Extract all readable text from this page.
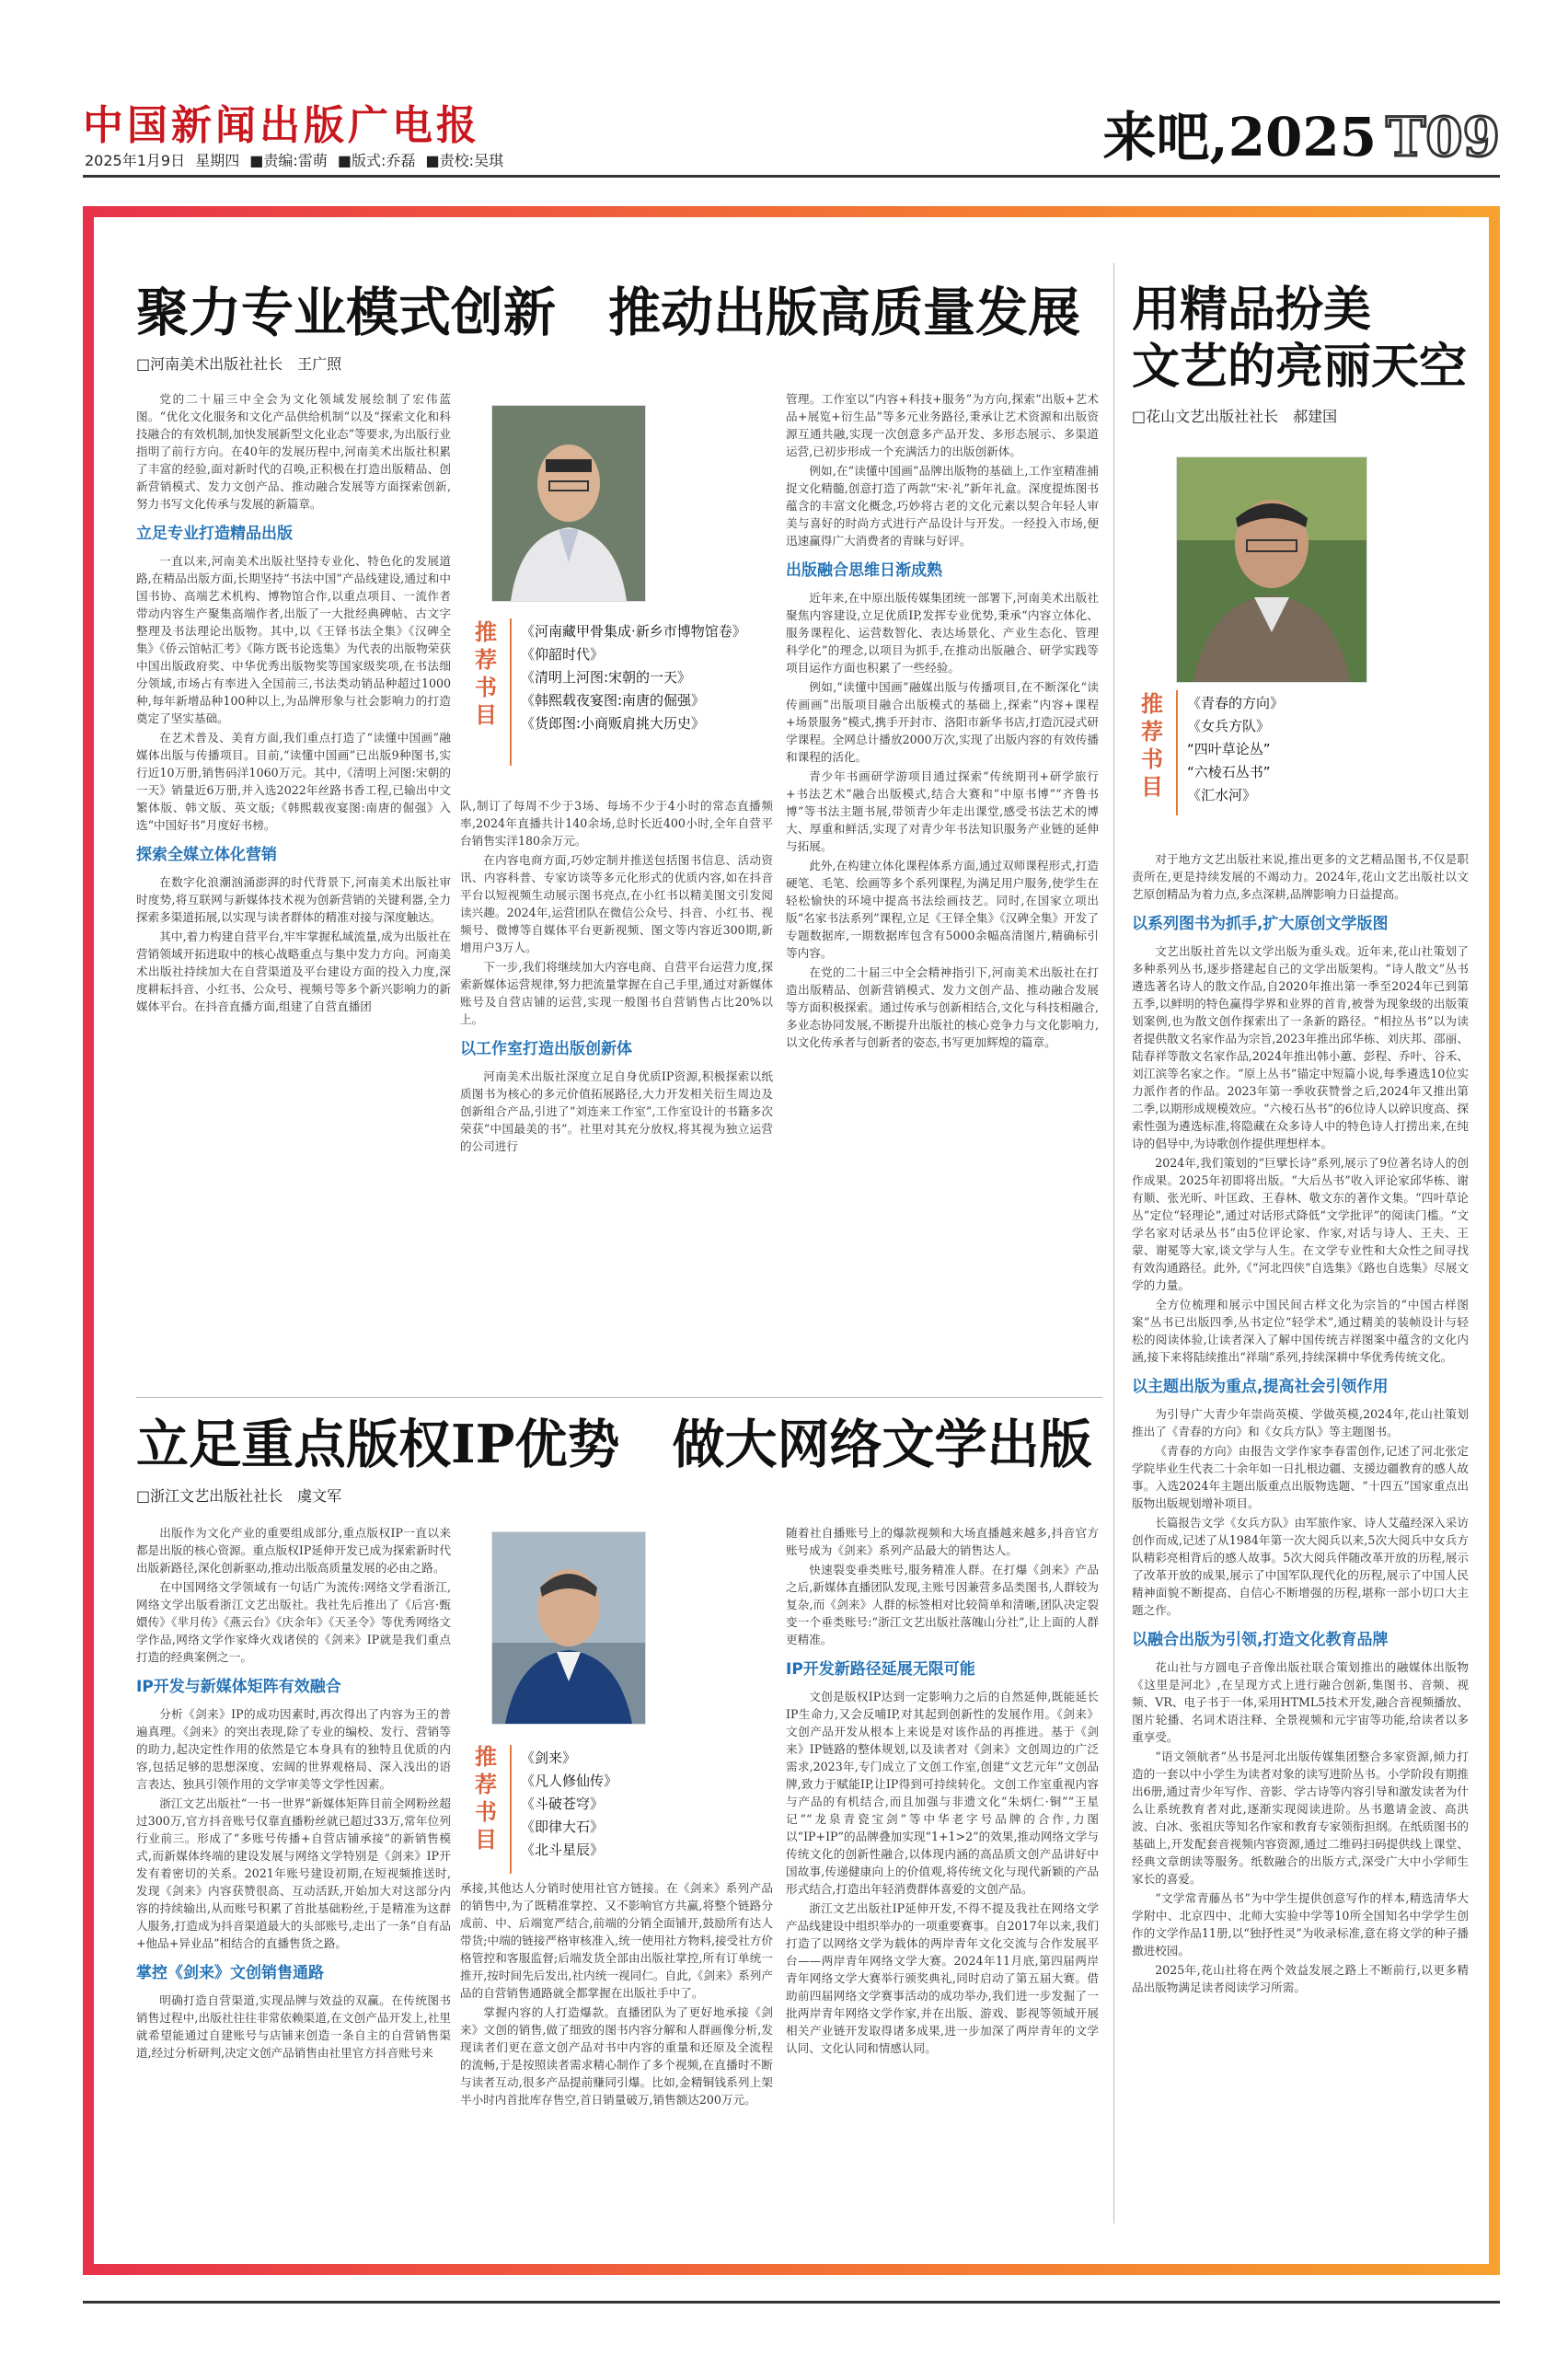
中国新闻出版广电报
2025年1月9日 星期四 ■责编:雷萌 ■版式:乔磊 ■责校:吴琪	来吧,2025 T09
聚力专业模式创新　推动出版高质量发展
□河南美术出版社社长　王广照

党的二十届三中全会为文化领域发展绘制了宏伟蓝图。“优化文化服务和文化产品供给机制”以及“探索文化和科技融合的有效机制,加快发展新型文化业态”等要求,为出版行业指明了前行方向。在40年的发展历程中,河南美术出版社积累了丰富的经验,面对新时代的召唤,正积极在打造出版精品、创新营销模式、发力文创产品、推动融合发展等方面探索创新,努力书写文化传承与发展的新篇章。

立足专业打造精品出版

一直以来,河南美术出版社坚持专业化、特色化的发展道路,在精品出版方面,长期坚持“书法中国”产品线建设,通过和中国书协、高端艺术机构、博物馆合作,以重点项目、一流作者带动内容生产聚集高端作者,出版了一大批经典碑帖、古文字整理及书法理论出版物。其中,以《王铎书法全集》《汉碑全集》《侨云馆帖汇考》《陈方既书论选集》为代表的出版物荣获中国出版政府奖、中华优秀出版物奖等国家级奖项,在书法细分领域,市场占有率进入全国前三,书法类动销品种超过1000种,每年新增品种100种以上,为品牌形象与社会影响力的打造奠定了坚实基础。

在艺术普及、美育方面,我们重点打造了“读懂中国画”融媒体出版与传播项目。目前,“读懂中国画”已出版9种图书,实行近10万册,销售码洋1060万元。其中,《清明上河图:宋朝的一天》销量近6万册,并入选2022年丝路书香工程,已输出中文繁体版、韩文版、英文版;《韩熙载夜宴图:南唐的倔强》入选“中国好书”月度好书榜。

探索全媒立体化营销

在数字化浪潮汹涌澎湃的时代背景下,河南美术出版社审时度势,将互联网与新媒体技术视为创新营销的关键利器,全力探索多渠道拓展,以实现与读者群体的精准对接与深度触达。

其中,着力构建自营平台,牢牢掌握私域流量,成为出版社在营销领域开拓进取中的核心战略重点与集中发力方向。河南美术出版社持续加大在自营渠道及平台建设方面的投入力度,深度耕耘抖音、小红书、公众号、视频号等多个新兴影响力的新媒体平台。在抖音直播方面,组建了自营直播团

推
荐
书
目
《河南藏甲骨集成·新乡市博物馆卷》
《仰韶时代》
《清明上河图:宋朝的一天》
《韩熙载夜宴图:南唐的倔强》
《货郎图:小商贩肩挑大历史》

队,制订了每周不少于3场、每场不少于4小时的常态直播频率,2024年直播共计140余场,总时长近400小时,全年自营平台销售实洋180余万元。

在内容电商方面,巧妙定制并推送包括图书信息、活动资讯、内容科普、专家访谈等多元化形式的优质内容,如在抖音平台以短视频生动展示图书亮点,在小红书以精美图文引发阅读兴趣。2024年,运营团队在微信公众号、抖音、小红书、视频号、微博等自媒体平台更新视频、图文等内容近300期,新增用户3万人。

下一步,我们将继续加大内容电商、自营平台运营力度,探索新媒体运营规律,努力把流量掌握在自己手里,通过对新媒体账号及自营店铺的运营,实现一般图书自营销售占比20%以上。

以工作室打造出版创新体

河南美术出版社深度立足自身优质IP资源,积极探索以纸质图书为核心的多元价值拓展路径,大力开发相关衍生周边及创新组合产品,引进了“刘连来工作室”,工作室设计的书籍多次荣获“中国最美的书”。社里对其充分放权,将其视为独立运营的公司进行

管理。工作室以“内容+科技+服务”为方向,探索“出版+艺术品+展览+衍生品”等多元业务路径,秉承让艺术资源和出版资源互通共融,实现一次创意多产品开发、多形态展示、多渠道运营,已初步形成一个充满活力的出版创新体。

例如,在“读懂中国画”品牌出版物的基础上,工作室精准捕捉文化精髓,创意打造了两款“宋·礼”新年礼盒。深度提炼图书蕴含的丰富文化概念,巧妙将古老的文化元素以契合年轻人审美与喜好的时尚方式进行产品设计与开发。一经投入市场,便迅速赢得广大消费者的青睐与好评。

出版融合思维日渐成熟

近年来,在中原出版传媒集团统一部署下,河南美术出版社聚焦内容建设,立足优质IP,发挥专业优势,秉承“内容立体化、服务课程化、运营数智化、表达场景化、产业生态化、管理科学化”的理念,以项目为抓手,在推动出版融合、研学实践等项目运作方面也积累了一些经验。

例如,“读懂中国画”融媒出版与传播项目,在不断深化“读传画画”出版项目融合出版模式的基础上,探索“内容+课程+场景服务”模式,携手开封市、洛阳市新华书店,打造沉浸式研学课程。全网总计播放2000万次,实现了出版内容的有效传播和课程的活化。

青少年书画研学游项目通过探索“传统期刊+研学旅行+书法艺术”融合出版模式,结合大赛和“中原书博”“齐鲁书博”等书法主题书展,带领青少年走出课堂,感受书法艺术的博大、厚重和鲜活,实现了对青少年书法知识服务产业链的延伸与拓展。

此外,在构建立体化课程体系方面,通过双师课程形式,打造硬笔、毛笔、绘画等多个系列课程,为满足用户服务,使学生在轻松愉快的环境中提高书法绘画技艺。同时,在国家立项出版“名家书法系列”课程,立足《王铎全集》《汉碑全集》开发了专题数据库,一期数据库包含有5000余幅高清图片,精确标引等内容。

在党的二十届三中全会精神指引下,河南美术出版社在打造出版精品、创新营销模式、发力文创产品、推动融合发展等方面积极探索。通过传承与创新相结合,文化与科技相融合,多业态协同发展,不断提升出版社的核心竞争力与文化影响力,以文化传承者与创新者的姿态,书写更加辉煌的篇章。

立足重点版权IP优势　做大网络文学出版
□浙江文艺出版社社长　虞文军

出版作为文化产业的重要组成部分,重点版权IP一直以来都是出版的核心资源。重点版权IP延伸开发已成为探索新时代出版新路径,深化创新驱动,推动出版高质量发展的必由之路。

在中国网络文学领域有一句话广为流传:网络文学看浙江,网络文学出版看浙江文艺出版社。我社先后推出了《后宫·甄嬛传》《芈月传》《燕云台》《庆余年》《天圣令》等优秀网络文学作品,网络文学作家烽火戏诸侯的《剑来》IP就是我们重点打造的经典案例之一。

IP开发与新媒体矩阵有效融合

分析《剑来》IP的成功因素时,再次得出了内容为王的普遍真理。《剑来》的突出表现,除了专业的编校、发行、营销等的助力,起决定性作用的依然是它本身具有的独特且优质的内容,包括足够的思想深度、宏阔的世界观格局、深入浅出的语言表达、独具引领作用的文学审美等文学性因素。

浙江文艺出版社“一书一世界”新媒体矩阵目前全网粉丝超过300万,官方抖音账号仅靠直播粉丝就已超过33万,常年位列行业前三。形成了“多账号传播+自营店铺承接”的新销售模式,而新媒体终端的建设发展与网络文学特别是《剑来》IP开发有着密切的关系。2021年账号建设初期,在短视频推送时,发现《剑来》内容获赞很高、互动活跃,开始加大对这部分内容的持续输出,从而账号积累了首批基础粉丝,于是精准为这群人服务,打造成为抖音渠道最大的头部账号,走出了一条“自有品+他品+异业品”相结合的直播售货之路。

掌控《剑来》文创销售通路

明确打造自营渠道,实现品牌与效益的双赢。在传统图书销售过程中,出版社往往非常依赖渠道,在文创产品开发上,社里就希望能通过自建账号与店铺来创造一条自主的自营销售渠道,经过分析研判,决定文创产品销售由社里官方抖音账号来

推
荐
书
目
《剑来》
《凡人修仙传》
《斗破苍穹》
《即律大石》
《北斗星辰》

承接,其他达人分销时使用社官方链接。在《剑来》系列产品的销售中,为了既精准掌控、又不影响官方共赢,将整个链路分成前、中、后端宽严结合,前端的分销全面铺开,鼓励所有达人带货;中端的链接严格审核准入,统一使用社方物料,接受社方价格管控和客服监督;后端发货全部由出版社掌控,所有订单统一推开,按时间先后发出,社内统一视同仁。自此,《剑来》系列产品的自营销售通路就全都掌握在出版社手中了。

掌握内容的人打造爆款。直播团队为了更好地承接《剑来》文创的销售,做了细致的图书内容分解和人群画像分析,发现读者们更在意文创产品对书中内容的重量和还原及全流程的流畅,于是按照读者需求精心制作了多个视频,在直播时不断与读者互动,很多产品提前赚同引爆。比如,金精铜钱系列上架半小时内首批库存售空,首日销量破万,销售额达200万元。

随着社自播账号上的爆款视频和大场直播越来越多,抖音官方账号成为《剑来》系列产品最大的销售达人。

快速裂变垂类账号,服务精准人群。在打爆《剑来》产品之后,新媒体直播团队发现,主账号因兼营多品类图书,人群较为复杂,而《剑来》人群的标签相对比较简单和清晰,团队决定裂变一个垂类账号:“浙江文艺出版社落魄山分社”,让上面的人群更精准。

IP开发新路径延展无限可能

文创是版权IP达到一定影响力之后的自然延伸,既能延长IP生命力,又会反哺IP,对其起到创新性的发展作用。《剑来》文创产品开发从根本上来说是对该作品的再推进。基于《剑来》IP链路的整体规划,以及读者对《剑来》文创周边的广泛需求,2023年,专门成立了文创工作室,创建“文艺元年”文创品牌,致力于赋能IP,让IP得到可持续转化。文创工作室重视内容与产品的有机结合,而且加强与非遗文化“朱炳仁·铜”“王星记”“龙泉青瓷宝剑”等中华老字号品牌的合作,力图以“IP+IP”的品牌叠加实现“1+1>2”的效果,推动网络文学与传统文化的创新性融合,以体现内涵的高品质文创产品讲好中国故事,传递健康向上的价值观,将传统文化与现代新颖的产品形式结合,打造出年轻消费群体喜爱的文创产品。

浙江文艺出版社IP延伸开发,不得不提及我社在网络文学产品线建设中组织举办的一项重要赛事。自2017年以来,我们打造了以网络文学为载体的两岸青年文化交流与合作发展平台——两岸青年网络文学大赛。2024年11月底,第四届两岸青年网络文学大赛举行颁奖典礼,同时启动了第五届大赛。借助前四届网络文学赛事活动的成功举办,我们进一步发掘了一批两岸青年网络文学作家,并在出版、游戏、影视等领域开展相关产业链开发取得诸多成果,进一步加深了两岸青年的文学认同、文化认同和情感认同。

用精品扮美
文艺的亮丽天空
□花山文艺出版社社长　郝建国
推
荐
书
目
《青春的方向》
《女兵方队》
“四叶草论丛”
“六棱石丛书”
《汇水河》

对于地方文艺出版社来说,推出更多的文艺精品图书,不仅是职责所在,更是持续发展的不竭动力。2024年,花山文艺出版社以文艺原创精品为着力点,多点深耕,品牌影响力日益提高。

以系列图书为抓手,扩大原创文学版图

文艺出版社首先以文学出版为重头戏。近年来,花山社策划了多种系列丛书,逐步搭建起自己的文学出版架构。“诗人散文”丛书遴选著名诗人的散文作品,自2020年推出第一季至2024年已到第五季,以鲜明的特色赢得学界和业界的首肯,被誉为现象级的出版策划案例,也为散文创作探索出了一条新的路径。“相拉丛书”以为读者提供散文名家作品为宗旨,2023年推出邱华栋、刘庆邦、邵丽、陆春祥等散文名家作品,2024年推出韩小蕙、彭程、乔叶、谷禾、刘江滨等名家之作。“原上丛书”锚定中短篇小说,每季遴选10位实力派作者的作品。2023年第一季收获赞誉之后,2024年又推出第二季,以期形成规模效应。“六棱石丛书”的6位诗人以碎识度高、探索性强为遴选标准,将隐藏在众多诗人中的特色诗人打捞出来,在纯诗的倡导中,为诗歌创作提供理想样本。

2024年,我们策划的“巨擘长诗”系列,展示了9位著名诗人的创作成果。2025年初即将出版。“大后丛书”收入评论家邱华栋、谢有顺、张光昕、叶匡政、王春林、敬文东的著作文集。“四叶草论丛”定位“轻理论”,通过对话形式降低“文学批评”的阅读门槛。“文学名家对话录丛书”由5位评论家、作家,对话与诗人、王夫、王蒙、谢冕等大家,谈文学与人生。在文学专业性和大众性之间寻找有效沟通路径。此外,《“河北四侠”自选集》《路也自选集》尽展文学的力量。

全方位梳理和展示中国民间古样文化为宗旨的“中国古样图案”丛书已出版四季,丛书定位“轻学术”,通过精美的装帧设计与轻松的阅读体验,让读者深入了解中国传统吉祥图案中蕴含的文化内涵,接下来将陆续推出“祥瑞”系列,持续深耕中华优秀传统文化。

以主题出版为重点,提高社会引领作用

为引导广大青少年崇尚英模、学做英模,2024年,花山社策划推出了《青春的方向》和《女兵方队》等主题图书。

《青春的方向》由报告文学作家李春雷创作,记述了河北张定学院毕业生代表二十余年如一日扎根边疆、支援边疆教育的感人故事。入选2024年主题出版重点出版物选题、“十四五”国家重点出版物出版规划增补项目。

长篇报告文学《女兵方队》由军旅作家、诗人艾蕴经深入采访创作而成,记述了从1984年第一次大阅兵以来,5次大阅兵中女兵方队精彩亮相背后的感人故事。5次大阅兵伴随改革开放的历程,展示了改革开放的成果,展示了中国军队现代化的历程,展示了中国人民精神面貌不断提高、自信心不断增强的历程,堪称一部小切口大主题之作。

以融合出版为引领,打造文化教育品牌

花山社与方圆电子音像出版社联合策划推出的融媒体出版物《这里是河北》,在呈现方式上进行融合创新,集图书、音频、视频、VR、电子书于一体,采用HTML5技术开发,融合音视频播放、图片轮播、名词术语注释、全景视频和元宇宙等功能,给读者以多重享受。

“语文领航者”丛书是河北出版传媒集团整合多家资源,倾力打造的一套以中小学生为读者对象的读写进阶丛书。小学阶段有期推出6册,通过青少年写作、音影、学古诗等内容引导和激发读者为什么让系统教育者对此,逐渐实现阅读进阶。丛书邀请金波、高洪波、白冰、张祖庆等知名作家和教育专家领衔担纲。在纸质图书的基础上,开发配套音视频内容资源,通过二维码扫码提供线上课堂、经典文章朗读等服务。纸数融合的出版方式,深受广大中小学师生家长的喜爱。

“文学常青藤丛书”为中学生提供创意写作的样本,精选清华大学附中、北京四中、北师大实验中学等10所全国知名中学学生创作的文学作品11册,以“独抒性灵”为收录标准,意在将文学的种子播撒进校园。

2025年,花山社将在两个效益发展之路上不断前行,以更多精品出版物满足读者阅读学习所需。
